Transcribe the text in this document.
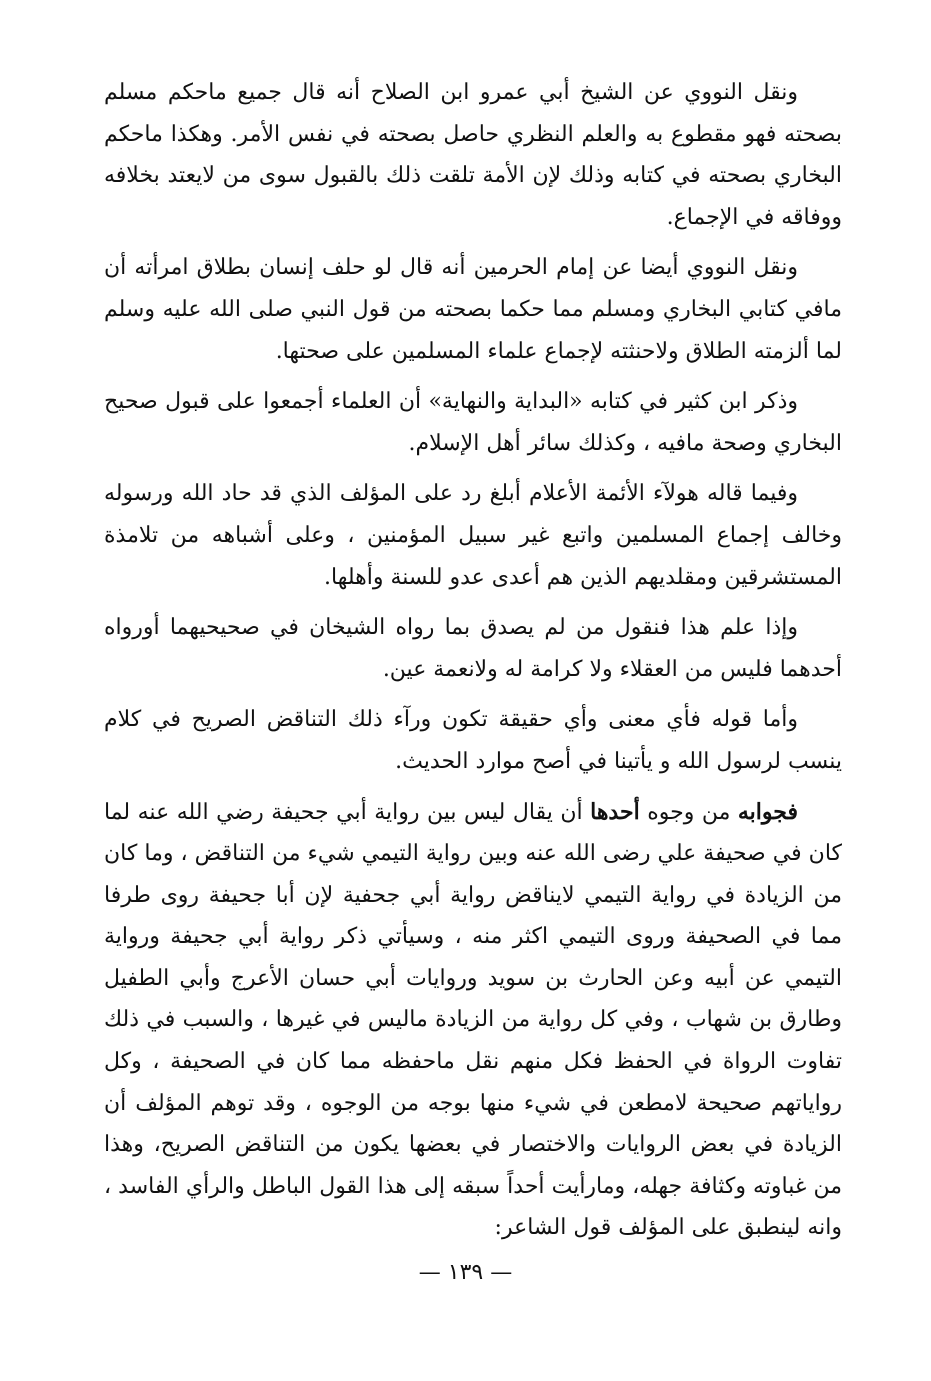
ونقل النووي عن الشيخ أبي عمرو ابن الصلاح أنه قال جميع ماحكم مسلم بصحته فهو مقطوع به والعلم النظري حاصل بصحته في نفس الأمر. وهكذا ماحكم البخاري بصحته في كتابه وذلك لإن الأمة تلقت ذلك بالقبول سوى من لايعتد بخلافه ووفاقه في الإجماع.

ونقل النووي أيضا عن إمام الحرمين أنه قال لو حلف إنسان بطلاق امرأته أن مافي كتابي البخاري ومسلم مما حكما بصحته من قول النبي صلى الله عليه وسلم لما ألزمته الطلاق ولاحنثته لإجماع علماء المسلمين على صحتها.

وذكر ابن كثير في كتابه «البداية والنهاية» أن العلماء أجمعوا على قبول صحيح البخاري وصحة مافيه ، وكذلك سائر أهل الإسلام.

وفيما قاله هولآء الأئمة الأعلام أبلغ رد على المؤلف الذي قد حاد الله ورسوله وخالف إجماع المسلمين واتبع غير سبيل المؤمنين ، وعلى أشباهه من تلامذة المستشرقين ومقلديهم الذين هم أعدى عدو للسنة وأهلها.

وإذا علم هذا فنقول من لم يصدق بما رواه الشيخان في صحيحيهما أورواه أحدهما فليس من العقلاء ولا كرامة له ولانعمة عين.

وأما قوله فأي معنى وأي حقيقة تكون ورآء ذلك التناقض الصريح في كلام ينسب لرسول الله و يأتينا في أصح موارد الحديث.

فجوابه من وجوه أحدها أن يقال ليس بين رواية أبي جحيفة رضي الله عنه لما كان في صحيفة علي رضى الله عنه وبين رواية التيمي شيء من التناقض ، وما كان من الزيادة في رواية التيمي لايناقض رواية أبي جحفية لإن أبا جحيفة روى طرفا مما في الصحيفة وروى التيمي اكثر منه ، وسيأتي ذكر رواية أبي جحيفة ورواية التيمي عن أبيه وعن الحارث بن سويد وروايات أبي حسان الأعرج وأبي الطفيل وطارق بن شهاب ، وفي كل رواية من الزيادة ماليس في غيرها ، والسبب في ذلك تفاوت الرواة في الحفظ فكل منهم نقل ماحفظه مما كان في الصحيفة ، وكل رواياتهم صحيحة لامطعن في شيء منها بوجه من الوجوه ، وقد توهم المؤلف أن الزيادة في بعض الروايات والاختصار في بعضها يكون من التناقض الصريح، وهذا من غباوته وكثافة جهله، ومارأيت أحداً سبقه إلى هذا القول الباطل والرأي الفاسد ، وانه لينطبق على المؤلف قول الشاعر:

— ١٣٩ —
